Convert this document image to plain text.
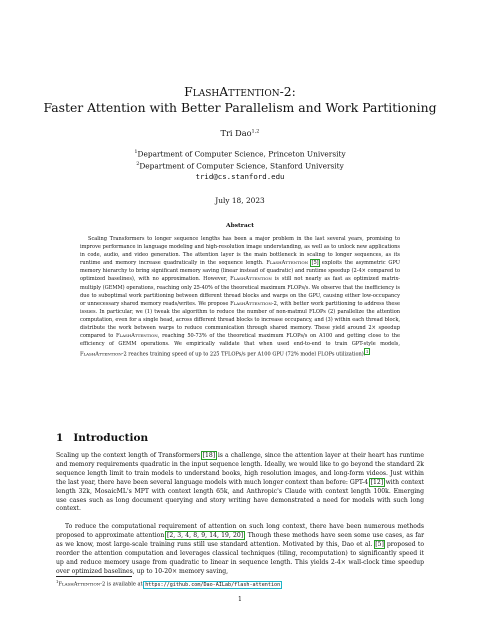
FlashAttention-2:
Faster Attention with Better Parallelism and Work Partitioning

Tri Dao$^{1,2}$

$^1$Department of Computer Science, Princeton University
$^2$Department of Computer Science, Stanford University
trid@cs.stanford.edu

July 18, 2023

Abstract

Scaling Transformers to longer sequence lengths has been a major problem in the last several years, promising to improve performance in language modeling and high-resolution image understanding, as well as to unlock new applications in code, audio, and video generation. The attention layer is the main bottleneck in scaling to longer sequences, as its runtime and memory increase quadratically in the sequence length. FlashAttention [5] exploits the asymmetric GPU memory hierarchy to bring significant memory saving (linear instead of quadratic) and runtime speedup (2-4× compared to optimized baselines), with no approximation. However, FlashAttention is still not nearly as fast as optimized matrix-multiply (GEMM) operations, reaching only 25-40% of the theoretical maximum FLOPs/s. We observe that the inefficiency is due to suboptimal work partitioning between different thread blocks and warps on the GPU, causing either low-occupancy or unnecessary shared memory reads/writes. We propose FlashAttention-2, with better work partitioning to address these issues. In particular, we (1) tweak the algorithm to reduce the number of non-matmul FLOPs (2) parallelize the attention computation, even for a single head, across different thread blocks to increase occupancy, and (3) within each thread block, distribute the work between warps to reduce communication through shared memory. These yield around 2× speedup compared to FlashAttention, reaching 50-73% of the theoretical maximum FLOPs/s on A100 and getting close to the efficiency of GEMM operations. We empirically validate that when used end-to-end to train GPT-style models, FlashAttention-2 reaches training speed of up to 225 TFLOPs/s per A100 GPU (72% model FLOPs utilization).$^1$
1 Introduction
Scaling up the context length of Transformers [18] is a challenge, since the attention layer at their heart has runtime and memory requirements quadratic in the input sequence length. Ideally, we would like to go beyond the standard 2k sequence length limit to train models to understand books, high resolution images, and long-form videos. Just within the last year, there have been several language models with much longer context than before: GPT-4 [12] with context length 32k, MosaicML's MPT with context length 65k, and Anthropic's Claude with context length 100k. Emerging use cases such as long document querying and story writing have demonstrated a need for models with such long context.
To reduce the computational requirement of attention on such long context, there have been numerous methods proposed to approximate attention [2, 3, 4, 8, 9, 14, 19, 20]. Though these methods have seen some use cases, as far as we know, most large-scale training runs still use standard attention. Motivated by this, Dao et al. [5] proposed to reorder the attention computation and leverages classical techniques (tiling, recomputation) to significantly speed it up and reduce memory usage from quadratic to linear in sequence length. This yields 2-4× wall-clock time speedup over optimized baselines, up to 10-20× memory saving,

$^1$FlashAttention-2 is available at https://github.com/Dao-AILab/flash-attention

1
